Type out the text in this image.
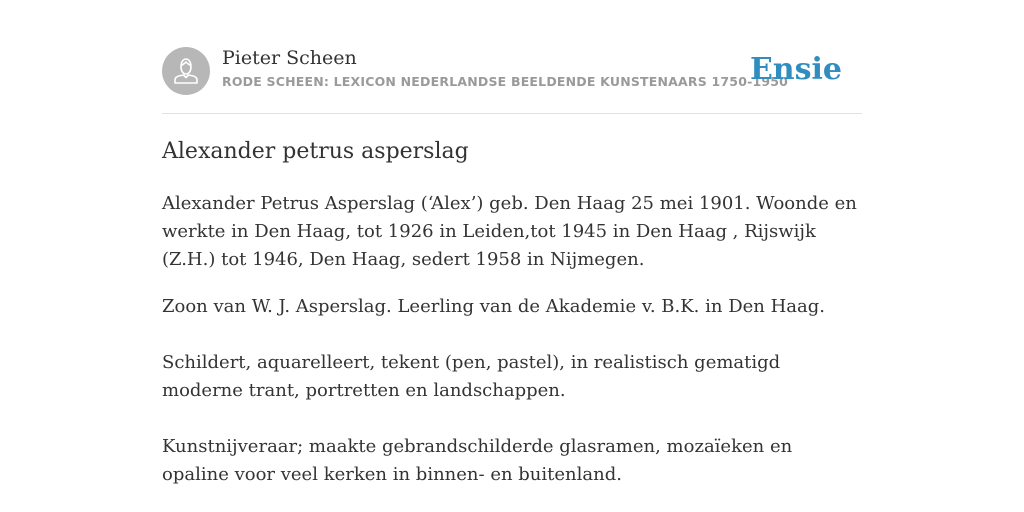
Pieter Scheen
RODE SCHEEN: LEXICON NEDERLANDSE BEELDENDE KUNSTENAARS 1750-1950
Ensie
Alexander petrus asperslag

Alexander Petrus Asperslag (‘Alex’) geb. Den Haag 25 mei 1901. Woonde en werkte in Den Haag, tot 1926 in Leiden,tot 1945 in Den Haag , Rijswijk (Z.H.) tot 1946, Den Haag, sedert 1958 in Nijmegen.

Zoon van W. J. Asperslag. Leerling van de Akademie v. B.K. in Den Haag.

Schildert, aquarelleert, tekent (pen, pastel), in realistisch gematigd moderne trant, portretten en landschappen.

Kunstnijveraar; maakte gebrandschilderde glasramen, mozaïeken en opaline voor veel kerken in binnen- en buitenland.
